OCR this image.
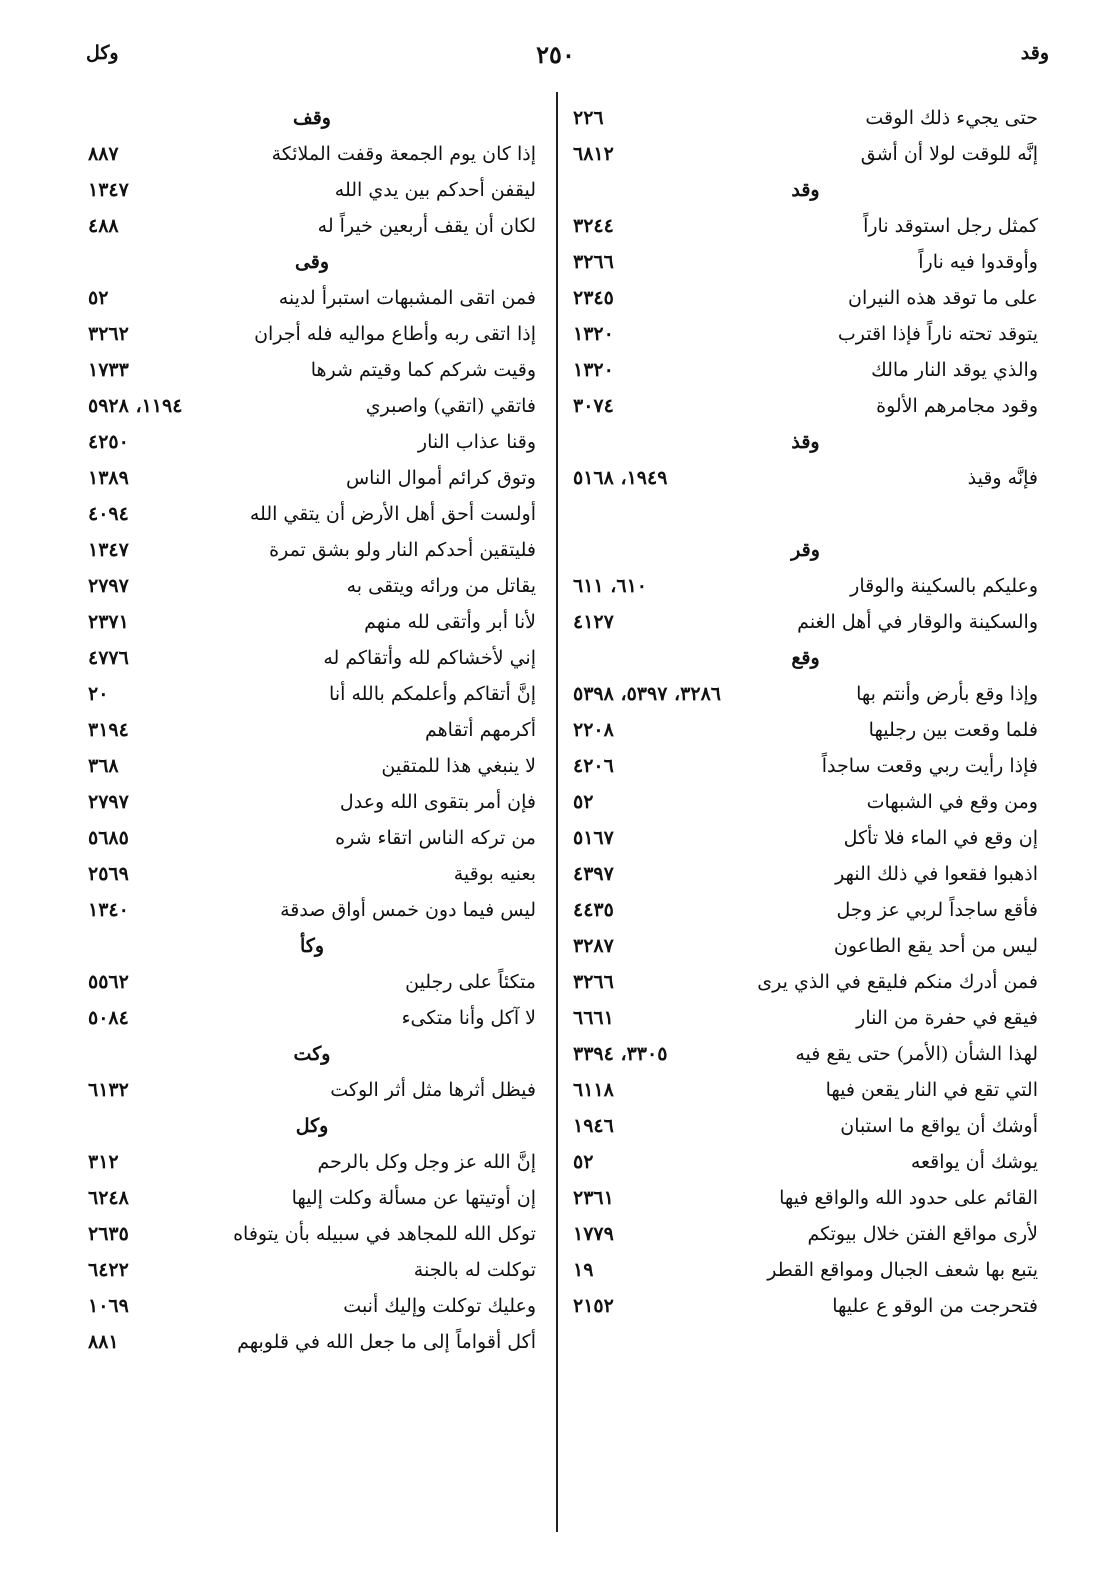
وقد
٢٥٠
وكل
حتى يجيء ذلك الوقت
٢٢٦
إنَّه للوقت لولا أن أشق
٦٨١٢
وقد
كمثل رجل استوقد ناراً
٣٢٤٤
وأوقدوا فيه ناراً
٣٢٦٦
على ما توقد هذه النيران
٢٣٤٥
يتوقد تحته ناراً فإذا اقترب
١٣٢٠
والذي يوقد النار مالك
١٣٢٠
وقود مجامرهم الألوة
٣٠٧٤
وقذ
فإنَّه وقيذ
١٩٤٩، ٥١٦٨
وقر
وعليكم بالسكينة والوقار
٦١٠، ٦١١
والسكينة والوقار في أهل الغنم
٤١٢٧
وقع
وإذا وقع بأرض وأنتم بها
٣٢٨٦، ٥٣٩٧، ٥٣٩٨
فلما وقعت بين رجليها
٢٢٠٨
فإذا رأيت ربي وقعت ساجداً
٤٢٠٦
ومن وقع في الشبهات
٥٢
إن وقع في الماء فلا تأكل
٥١٦٧
اذهبوا فقعوا في ذلك النهر
٤٣٩٧
فأقع ساجداً لربي عز وجل
٤٤٣٥
ليس من أحد يقع الطاعون
٣٢٨٧
فمن أدرك منكم فليقع في الذي يرى
٣٢٦٦
فيقع في حفرة من النار
٦٦٦١
لهذا الشأن (الأمر) حتى يقع فيه
٣٣٠٥، ٣٣٩٤
التي تقع في النار يقعن فيها
٦١١٨
أوشك أن يواقع ما استبان
١٩٤٦
يوشك أن يواقعه
٥٢
القائم على حدود الله والواقع فيها
٢٣٦١
لأرى مواقع الفتن خلال بيوتكم
١٧٧٩
يتبع بها شعف الجبال ومواقع القطر
١٩
فتحرجت من الوقو ع عليها
٢١٥٢
وقف
إذا كان يوم الجمعة وقفت الملائكة
٨٨٧
ليقفن أحدكم بين يدي الله
١٣٤٧
لكان أن يقف أربعين خيراً له
٤٨٨
وقى
فمن اتقى المشبهات استبرأ لدينه
٥٢
إذا اتقى ربه وأطاع مواليه فله أجران
٣٢٦٢
وقيت شركم كما وقيتم شرها
١٧٣٣
فاتقي (اتقي) واصبري
١١٩٤، ٥٩٢٨
وقنا عذاب النار
٤٢٥٠
وتوق كرائم أموال الناس
١٣٨٩
أولست أحق أهل الأرض أن يتقي الله
٤٠٩٤
فليتقين أحدكم النار ولو بشق تمرة
١٣٤٧
يقاتل من ورائه ويتقى به
٢٧٩٧
لأنا أبر وأتقى لله منهم
٢٣٧١
إني لأخشاكم لله وأتقاكم له
٤٧٧٦
إنَّ أتقاكم وأعلمكم بالله أنا
٢٠
أكرمهم أتقاهم
٣١٩٤
لا ينبغي هذا للمتقين
٣٦٨
فإن أمر بتقوى الله وعدل
٢٧٩٧
من تركه الناس اتقاء شره
٥٦٨٥
بعنيه بوقية
٢٥٦٩
ليس فيما دون خمس أواق صدقة
١٣٤٠
وكأ
متكئاً على رجلين
٥٥٦٢
لا آكل وأنا متكىء
٥٠٨٤
وكت
فيظل أثرها مثل أثر الوكت
٦١٣٢
وكل
إنَّ الله عز وجل وكل بالرحم
٣١٢
إن أوتيتها عن مسألة وكلت إليها
٦٢٤٨
توكل الله للمجاهد في سبيله بأن يتوفاه
٢٦٣٥
توكلت له بالجنة
٦٤٢٢
وعليك توكلت وإليك أنبت
١٠٦٩
أكل أقواماً إلى ما جعل الله في قلوبهم
٨٨١
